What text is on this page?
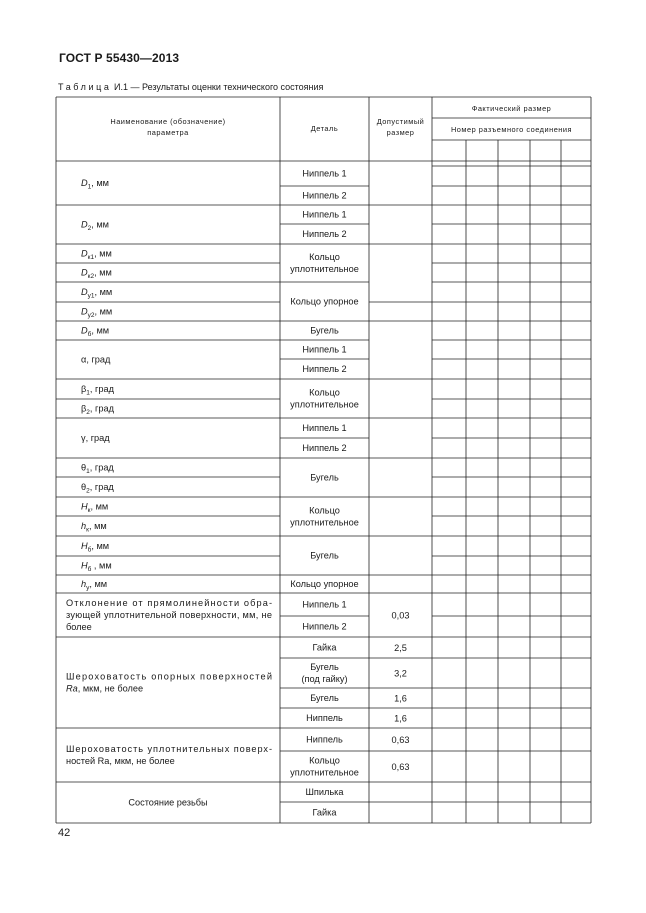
ГОСТ Р 55430—2013
Таблица И.1 — Результаты оценки технического состояния
42
Наименование (обозначение)
параметра	Деталь
Допустимый
размер
Фактический размер
Номер разъемного соединения
$D_1$, мм
$D_2$, мм
$D_{к1}$, мм
$D_{к2}$, мм
$D_{у1}$, мм
$D_{у2}$, мм
$D_б$, мм
α, град
$\beta_1$, град
$\beta_2$, град
γ, град
$\theta_1$, град
$\theta_2$, град
$H_к$, мм
$h_к$, мм
$H_б$, мм
$H_б$ , мм
$h_у$, мм
Отклонение от прямолинейности обра-
зующей уплотнительной поверхности, мм, не
более
Шероховатость опорных поверхностей
Ra, мкм, не более
Шероховатость уплотнительных поверх-
ностей Ra, мкм, не более
Состояние резьбы
Ниппель 1
Ниппель 2
Ниппель 1
Ниппель 2
Кольцо
уплотнительное
Кольцо упорное
Бугель
Ниппель 1
Ниппель 2
Кольцо
уплотнительное
Ниппель 1
Ниппель 2
Бугель
Кольцо
уплотнительное
Бугель
Кольцо упорное
Ниппель 1
Ниппель 2
Гайка
Бугель
(под гайку)
Бугель
Ниппель
Ниппель
Кольцо
уплотнительное
Шпилька
Гайка
0,03
2,5
3,2
1,6
1,6
0,63
0,63
